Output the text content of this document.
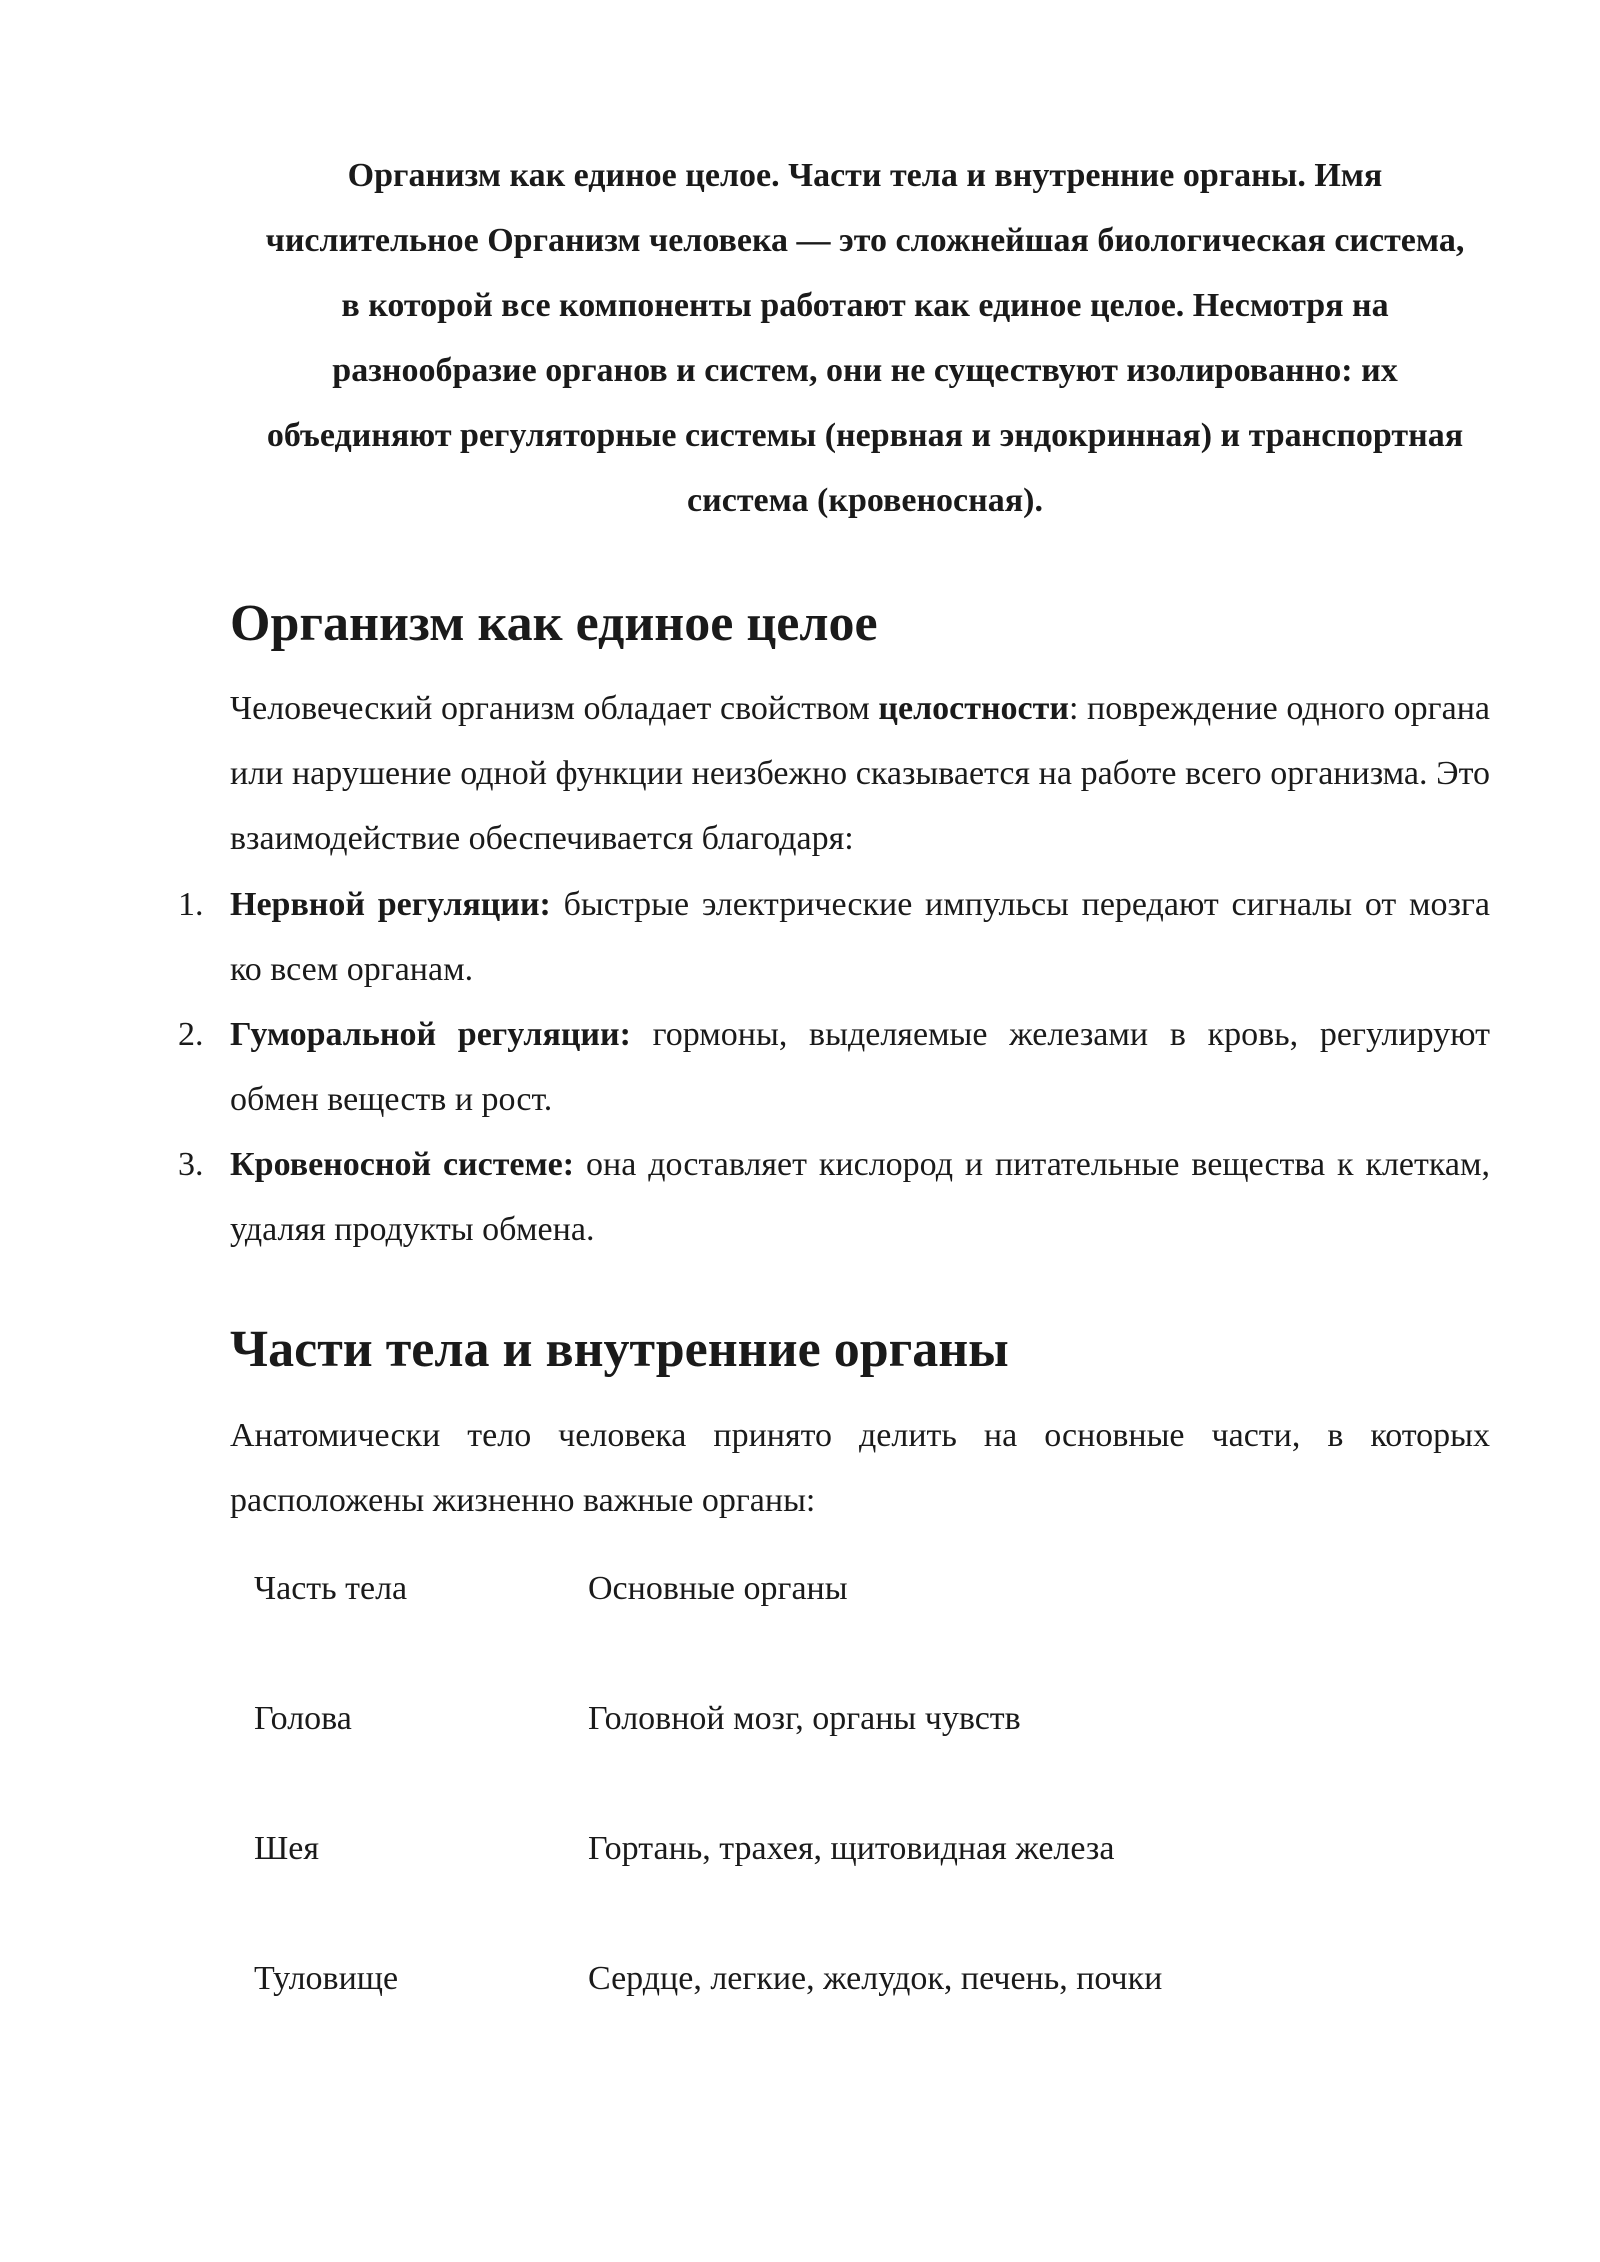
Организм как единое целое. Части тела и внутренние органы. Имя числительное Организм человека — это сложнейшая биологическая система, в которой все компоненты работают как единое целое. Несмотря на разнообразие органов и систем, они не существуют изолированно: их объединяют регуляторные системы (нервная и эндокринная) и транспортная система (кровеносная).

Организм как единое целое

Человеческий организм обладает свойством целостности: повреждение одного органа или нарушение одной функции неизбежно сказывается на работе всего организма. Это взаимодействие обеспечивается благодаря:

1. Нервной регуляции: быстрые электрические импульсы передают сигналы от мозга ко всем органам.
2. Гуморальной регуляции: гормоны, выделяемые железами в кровь, регулируют обмен веществ и рост.
3. Кровеносной системе: она доставляет кислород и питательные вещества к клеткам, удаляя продукты обмена.
Части тела и внутренние органы

Анатомически тело человека принято делить на основные части, в которых расположены жизненно важные органы:

Часть тела	Основные органы

Голова	Головной мозг, органы чувств

Шея	Гортань, трахея, щитовидная железа

Туловище	Сердце, легкие, желудок, печень, почки
